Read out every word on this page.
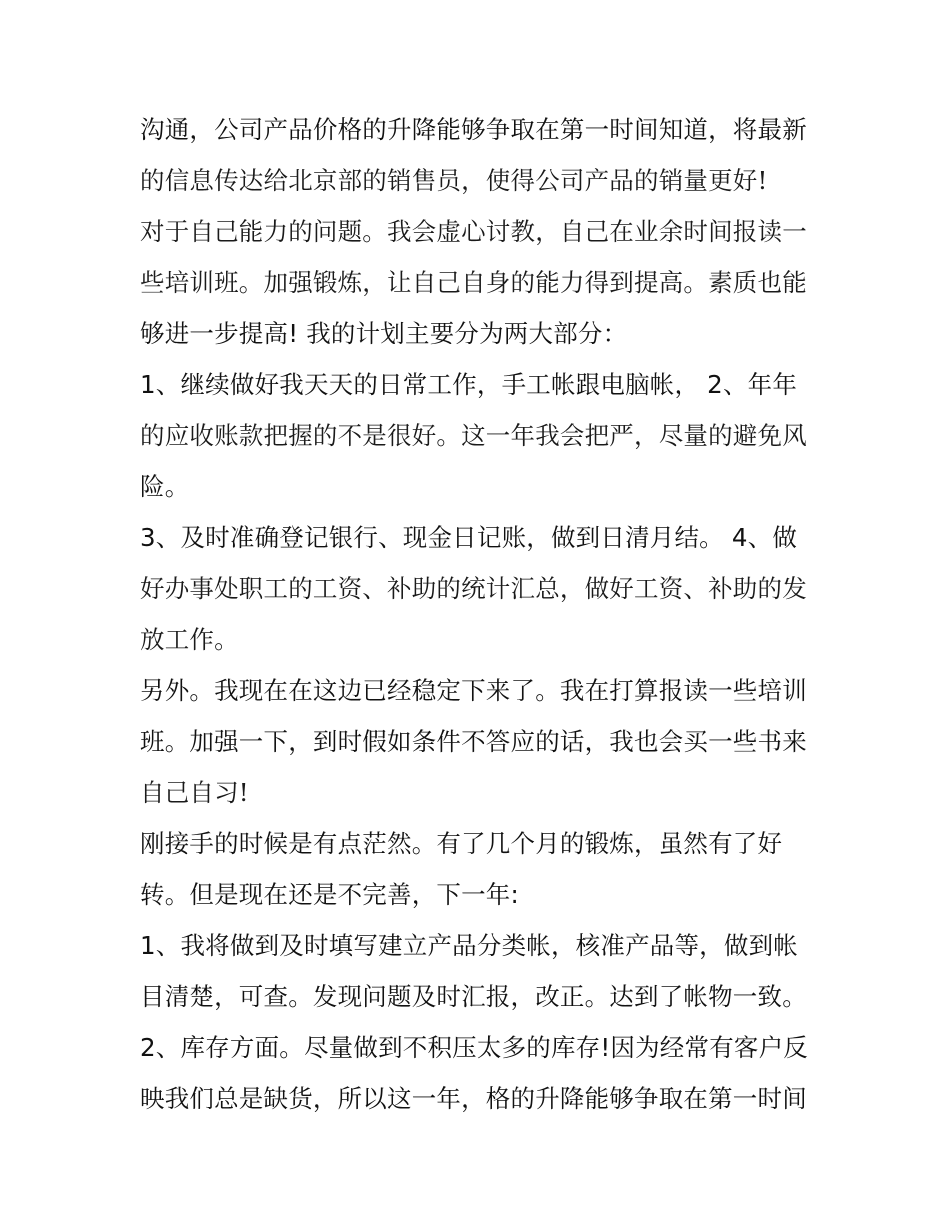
沟通，公司产品价格的升降能够争取在第一时间知道，将最新
的信息传达给北京部的销售员，使得公司产品的销量更好!
对于自己能力的问题。我会虚心讨教，自己在业余时间报读一
些培训班。加强锻炼，让自己自身的能力得到提高。素质也能
够进一步提高! 我的计划主要分为两大部分：
1、继续做好我天天的日常工作，手工帐跟电脑帐， 2、年年
的应收账款把握的不是很好。这一年我会把严，尽量的避免风
险。
3、及时准确登记银行、现金日记账，做到日清月结。 4、做
好办事处职工的工资、补助的统计汇总，做好工资、补助的发
放工作。
另外。我现在在这边已经稳定下来了。我在打算报读一些培训
班。加强一下，到时假如条件不答应的话，我也会买一些书来
自己自习!
刚接手的时候是有点茫然。有了几个月的锻炼，虽然有了好
转。但是现在还是不完善，下一年:
1、我将做到及时填写建立产品分类帐，核准产品等，做到帐
目清楚，可查。发现问题及时汇报，改正。达到了帐物一致。
2、库存方面。尽量做到不积压太多的库存!因为经常有客户反
映我们总是缺货，所以这一年，格的升降能够争取在第一时间
